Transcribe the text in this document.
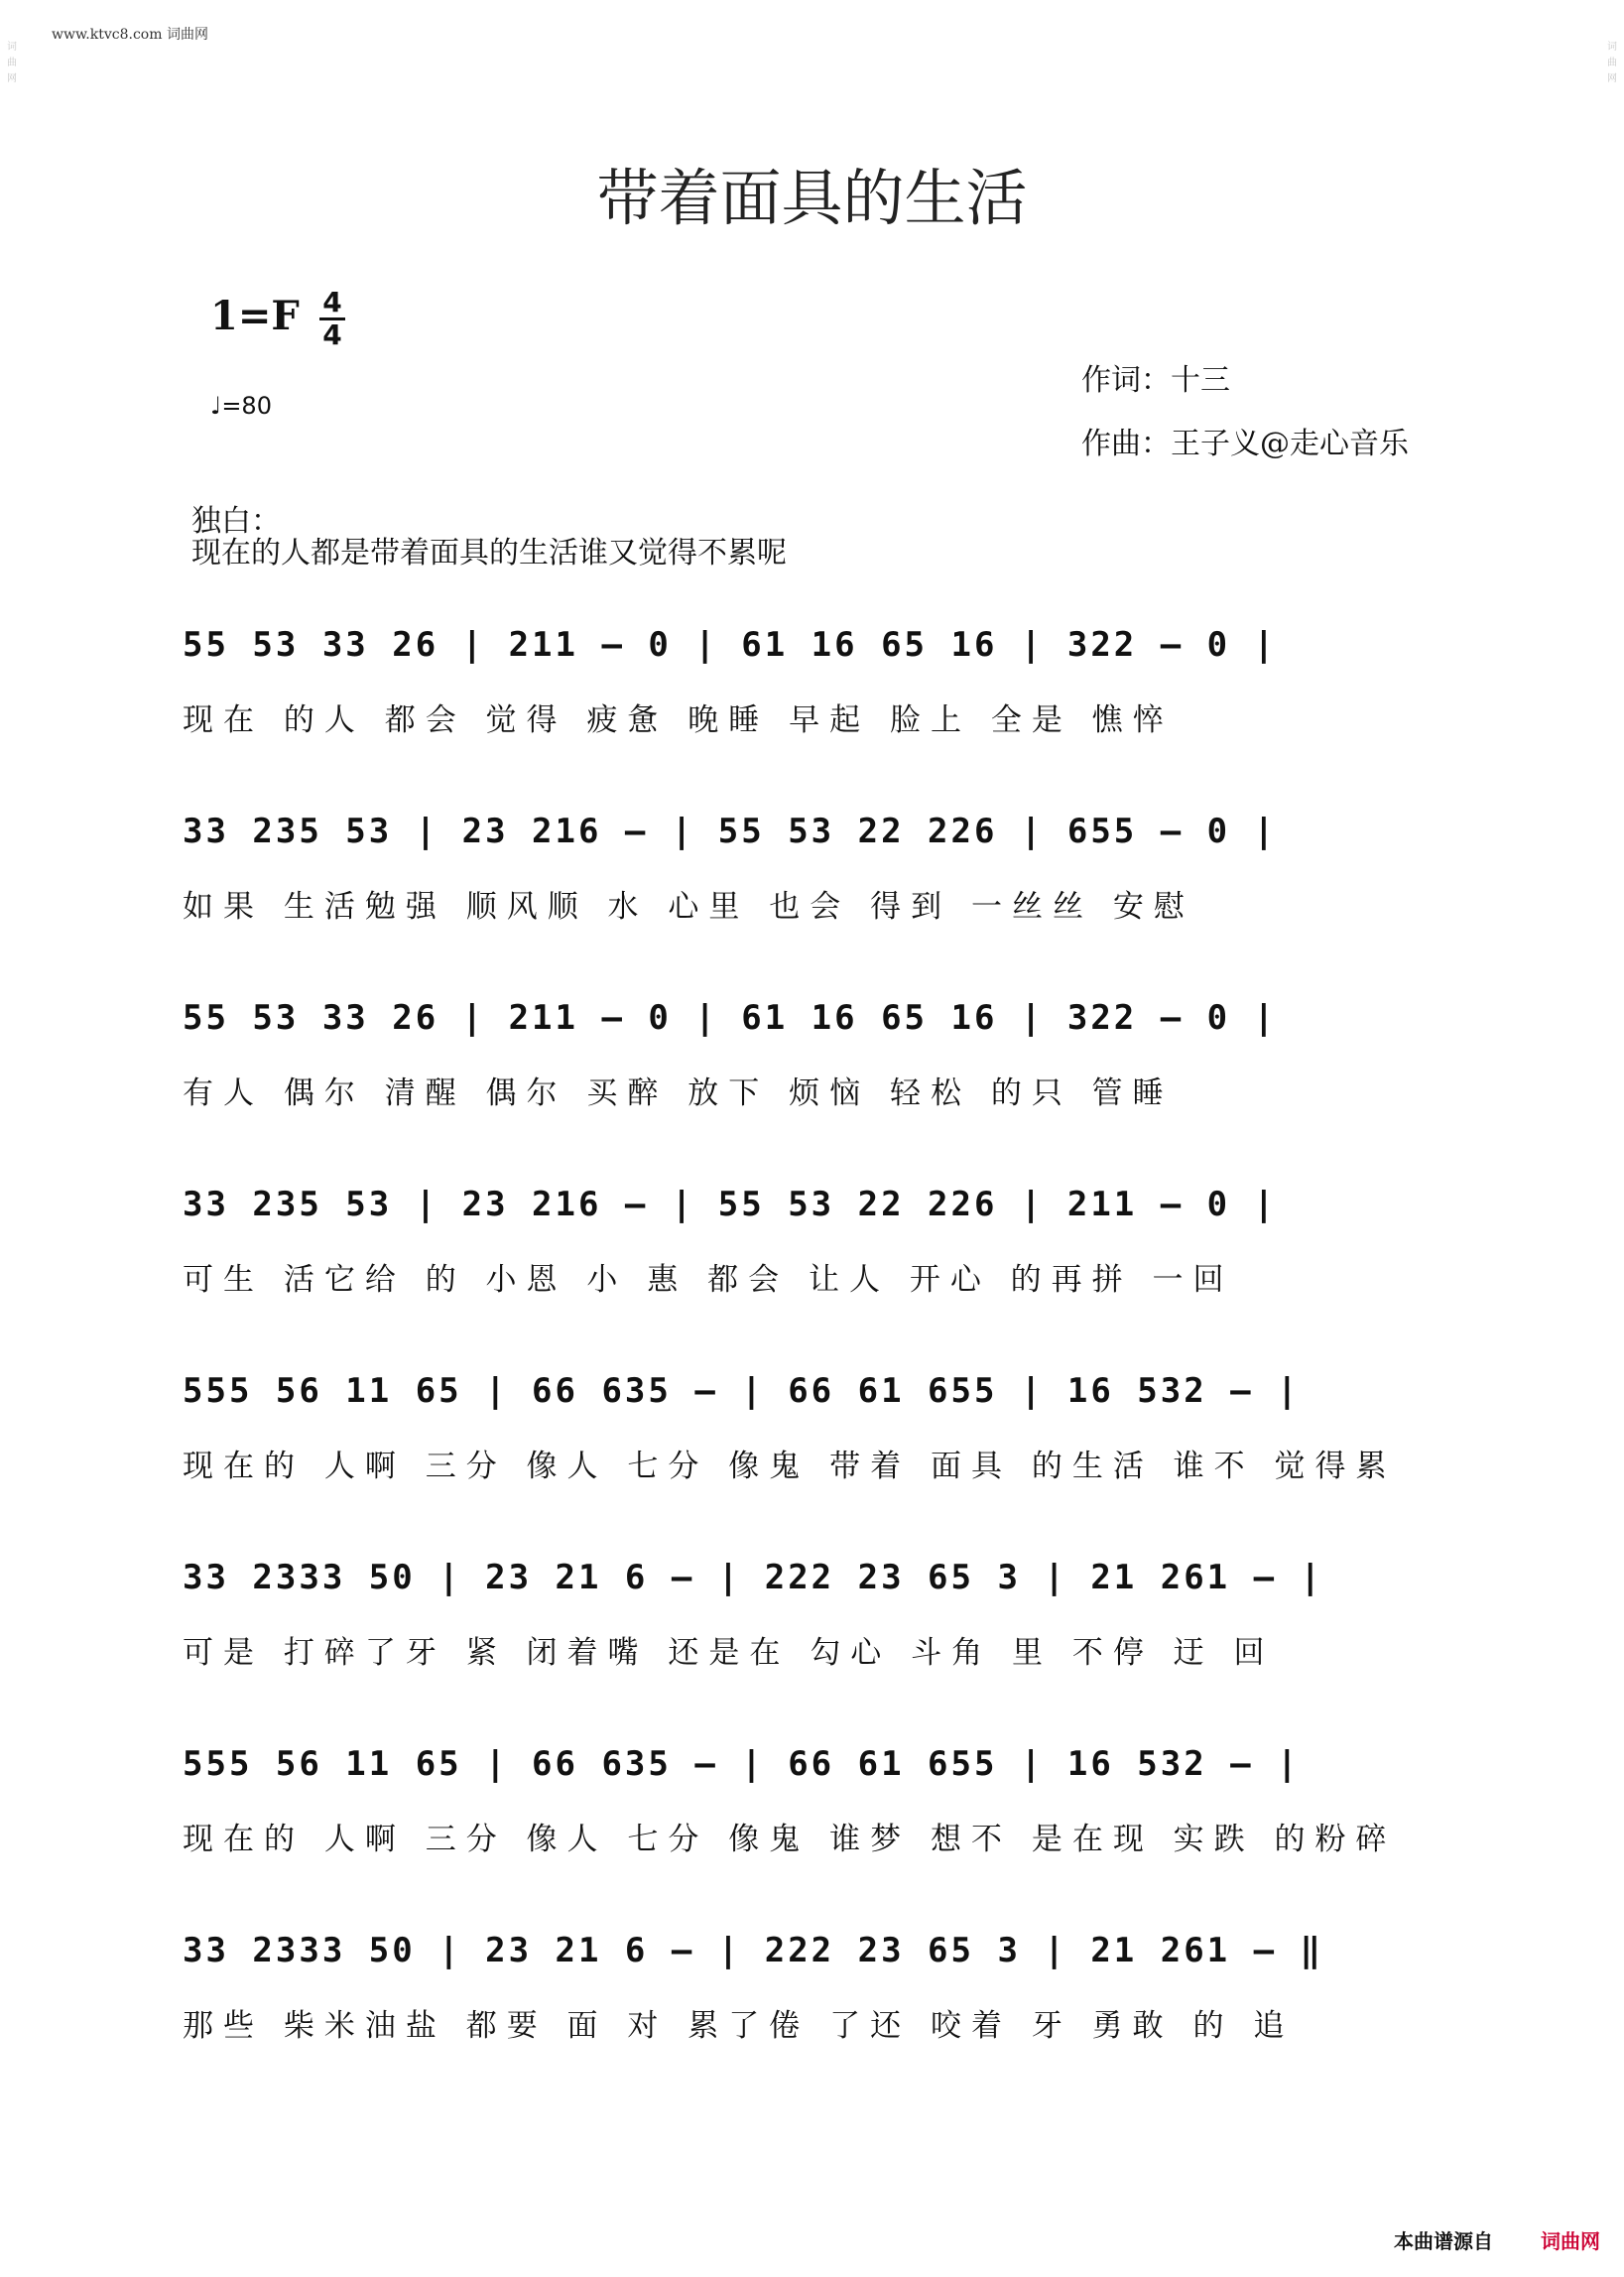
www.ktvc8.com 词曲网
词曲网
词曲网
带着面具的生活
1=F 4
4
♩=80
作词：十三
作曲：王子义@走心音乐
独白：
现在的人都是带着面具的生活谁又觉得不累呢
55 53 33 26 | 211 – 0 | 61 16 65 16 | 322 – 0 |
现在 的人 都会 觉得 疲惫 晚睡 早起 脸上 全是 憔悴
33 235 53 | 23 216 – | 55 53 22 226 | 655 – 0 |
如果 生活勉强 顺风顺 水 心里 也会 得到 一丝丝 安慰
55 53 33 26 | 211 – 0 | 61 16 65 16 | 322 – 0 |
有人 偶尔 清醒 偶尔 买醉 放下 烦恼 轻松 的只 管睡
33 235 53 | 23 216 – | 55 53 22 226 | 211 – 0 |
可生 活它给 的 小恩 小 惠 都会 让人 开心 的再拼 一回
555 56 11 65 | 66 635 – | 66 61 655 | 16 532 – |
现在的 人啊 三分 像人 七分 像鬼 带着 面具 的生活 谁不 觉得累
33 2333 50 | 23 21 6 – | 222 23 65 3 | 21 261 – |
可是 打碎了牙 紧 闭着嘴 还是在 勾心 斗角 里 不停 迂 回
555 56 11 65 | 66 635 – | 66 61 655 | 16 532 – |
现在的 人啊 三分 像人 七分 像鬼 谁梦 想不 是在现 实跌 的粉碎
33 2333 50 | 23 21 6 – | 222 23 65 3 | 21 261 – ‖
那些 柴米油盐 都要 面 对 累了倦 了还 咬着 牙 勇敢 的 追
本曲谱源自 词曲网
